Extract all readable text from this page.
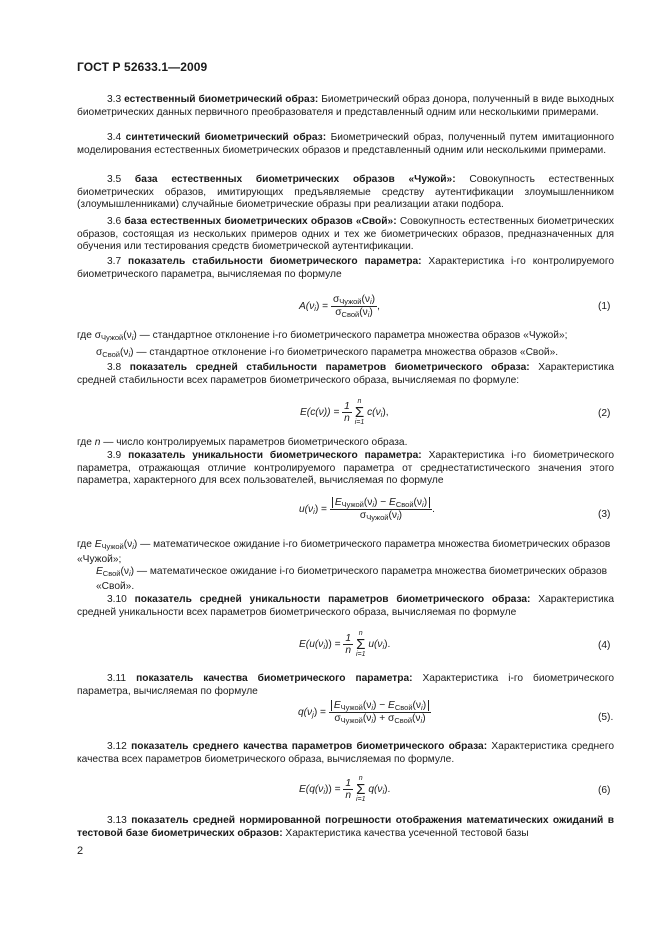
ГОСТ Р 52633.1—2009
3.3 естественный биометрический образ: Биометрический образ донора, полученный в виде выходных биометрических данных первичного преобразователя и представленный одним или несколькими примерами.
3.4 синтетический биометрический образ: Биометрический образ, полученный путем имитационного моделирования естественных биометрических образов и представленный одним или несколькими примерами.
3.5 база естественных биометрических образов «Чужой»: Совокупность естественных биометрических образов, имитирующих предъявляемые средству аутентификации злоумышленником (злоумышленниками) случайные биометрические образы при реализации атаки подбора.
3.6 база естественных биометрических образов «Свой»: Совокупность естественных биометрических образов, состоящая из нескольких примеров одних и тех же биометрических образов, предназначенных для обучения или тестирования средств биометрической аутентификации.
3.7 показатель стабильности биометрического параметра: Характеристика i-го контролируемого биометрического параметра, вычисляемая по формуле
$A(\nu_i) = \frac{\sigma_{Чужой}(\nu_i)}{\sigma_{Свой}(\nu_i)}$ ,	(1)
где $\sigma_{Чужой}(\nu_i)$ — стандартное отклонение i-го биометрического параметра множества образов «Чужой»;
$\sigma_{Свой}(\nu_i)$ — стандартное отклонение i-го биометрического параметра множества образов «Свой».
3.8 показатель средней стабильности параметров биометрического образа: Характеристика средней стабильности всех параметров биометрического образа, вычисляемая по формуле:
$E(c(\nu)) = \frac{1}{n}$ n
Σ
i=1 $c(\nu_i)$,	(2)
где n — число контролируемых параметров биометрического образа.
3.9 показатель уникальности биометрического параметра: Характеристика i-го биометрического параметра, отражающая отличие контролируемого параметра от среднестатистического значения этого параметра, характерного для всех пользователей, вычисляемая по формуле
$u(\nu_i) = \frac{E_{Чужой}(\nu_i) - E_{Свой}(\nu_i)}{\sigma_{Чужой}(\nu_i)}$ .	(3)
где $E_{Чужой}(\nu_i)$ — математическое ожидание i-го биометрического параметра множества биометрических образов «Чужой»;
$E_{Свой}(\nu_i)$ — математическое ожидание i-го биометрического параметра множества биометрических образов «Свой».
3.10 показатель средней уникальности параметров биометрического образа: Характеристика средней уникальности всех параметров биометрического образа, вычисляемая по формуле
$E(u(\nu_i)) = \frac{1}{n}$ n
Σ
i=1 $u(\nu_i)$.	(4)
3.11 показатель качества биометрического параметра: Характеристика i-го биометрического параметра, вычисляемая по формуле
$q(\nu_j) = \frac{E_{Чужой}(\nu_i) - E_{Свой}(\nu_i)}{\sigma_{Чужой}(\nu_i) + \sigma_{Свой}(\nu_i)}$	(5).
3.12 показатель среднего качества параметров биометрического образа: Характеристика среднего качества всех параметров биометрического образа, вычисляемая по формуле.
$E(q(\nu_i)) = \frac{1}{n}$ n
Σ
i=1 $q(\nu_i)$.	(6)
3.13 показатель средней нормированной погрешности отображения математических ожиданий в тестовой базе биометрических образов: Характеристика качества усеченной тестовой базы
2
